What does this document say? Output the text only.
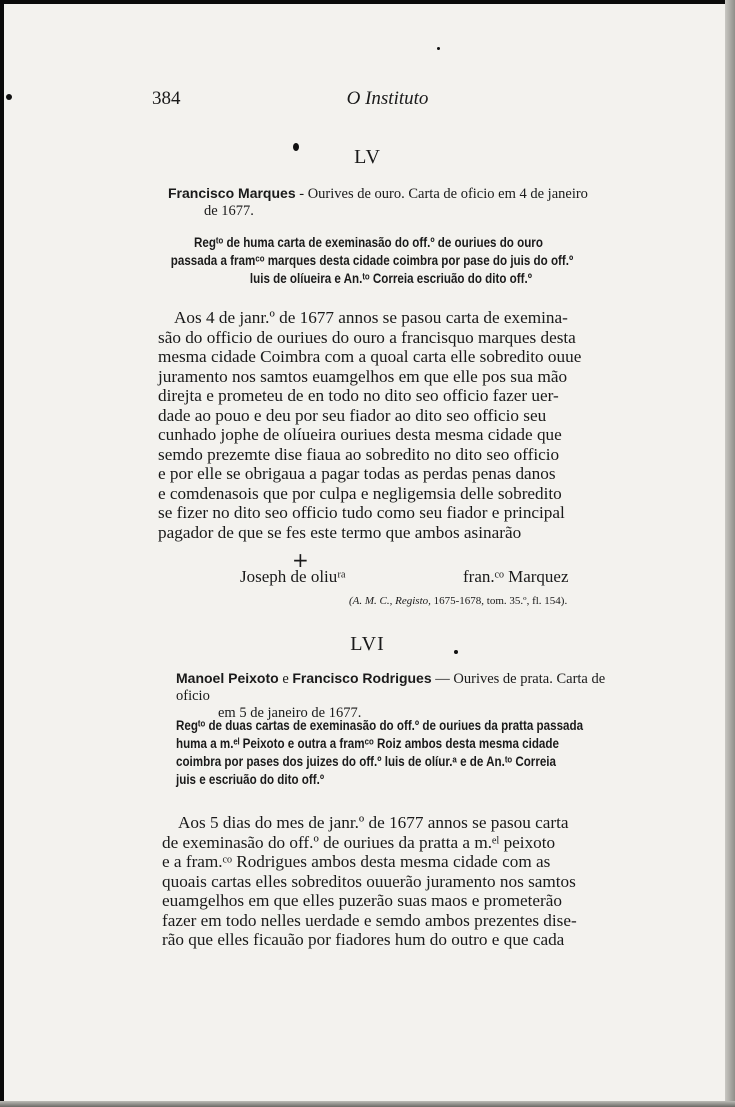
384	O Instituto
LV
Francisco Marques - Ourives de ouro. Carta de oficio em 4 de janeiro
de 1677.
Regᵗᵒ de huma carta de exeminasão do off.º de ouriues do ouro
passada a framᶜᵒ marques desta cidade coimbra por pase do juis do off.º
luis de olíueira e An.ᵗᵒ Correia escriuão do dito off.º
Aos 4 de janr.º de 1677 annos se pasou carta de exemina-
são do officio de ouriues do ouro a francisquo marques desta
mesma cidade Coimbra com a quoal carta elle sobredito ouue
juramento nos samtos euamgelhos em que elle pos sua mão
direjta e prometeu de en todo no dito seo officio fazer uer-
dade ao pouo e deu por seu fiador ao dito seo officio seu
cunhado jophe de olíueira ouriues desta mesma cidade que
semdo prezemte dise fiaua ao sobredito no dito seo officio
e por elle se obrigaua a pagar todas as perdas penas danos
e comdenasois que por culpa e negligemsia delle sobredito
se fizer no dito seo officio tudo como seu fiador e principal
pagador de que se fes este termo que ambos asinarão
+
Joseph de oliuʳᵃ	fran.ᶜᵒ Marquez
(A. M. C., Registo, 1675-1678, tom. 35.º, fl. 154).
LVI
Manoel Peixoto e Francisco Rodrigues — Ourives de prata. Carta de oficio
em 5 de janeiro de 1677.
Regᵗᵒ de duas cartas de exeminasão do off.º de ouriues da pratta passada
huma a m.ᵉˡ Peixoto e outra a framᶜᵒ Roiz ambos desta mesma cidade
coimbra por pases dos juizes do off.º luis de olíur.ᵃ e de An.ᵗᵒ Correia
juis e escriuão do dito off.º
Aos 5 dias do mes de janr.º de 1677 annos se pasou carta
de exeminasão do off.º de ouriues da pratta a m.ᵉˡ peixoto
e a fram.ᶜᵒ Rodrigues ambos desta mesma cidade com as
quoais cartas elles sobreditos ouuerão juramento nos samtos
euamgelhos em que elles puzerão suas maos e prometerão
fazer em todo nelles uerdade e semdo ambos prezentes dise-
rão que elles ficauão por fiadores hum do outro e que cada
